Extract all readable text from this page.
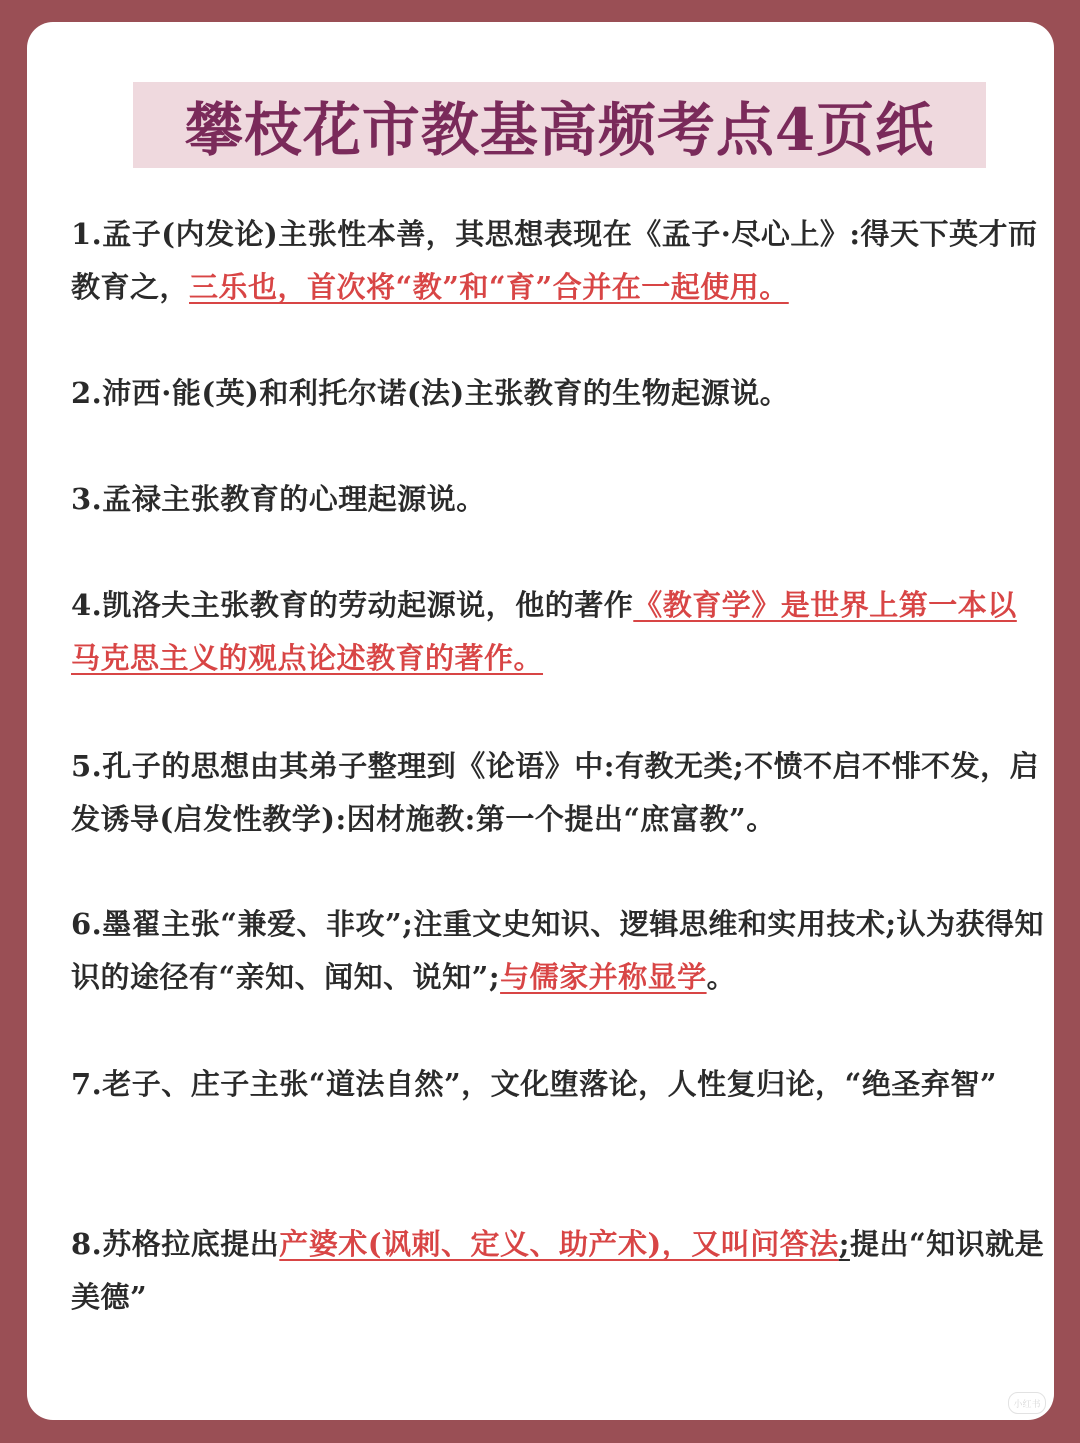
攀枝花市教基高频考点4页纸
1.孟子(内发论)主张性本善，其思想表现在《孟子·尽心上》:得天下英才而教育之，三乐也，首次将“教”和“育”合并在一起使用。
2.沛西·能(英)和利托尔诺(法)主张教育的生物起源说。
3.孟禄主张教育的心理起源说。
4.凯洛夫主张教育的劳动起源说，他的著作《教育学》是世界上第一本以马克思主义的观点论述教育的著作。
5.孔子的思想由其弟子整理到《论语》中:有教无类;不愤不启不悱不发，启发诱导(启发性教学):因材施教:第一个提出“庶富教”。
6.墨翟主张“兼爱、非攻”;注重文史知识、逻辑思维和实用技术;认为获得知识的途径有“亲知、闻知、说知”;与儒家并称显学。
7.老子、庄子主张“道法自然”，文化堕落论，人性复归论，“绝圣弃智”
8.苏格拉底提出产婆术(讽刺、定义、助产术)，又叫问答法;提出“知识就是美德”
小红书
